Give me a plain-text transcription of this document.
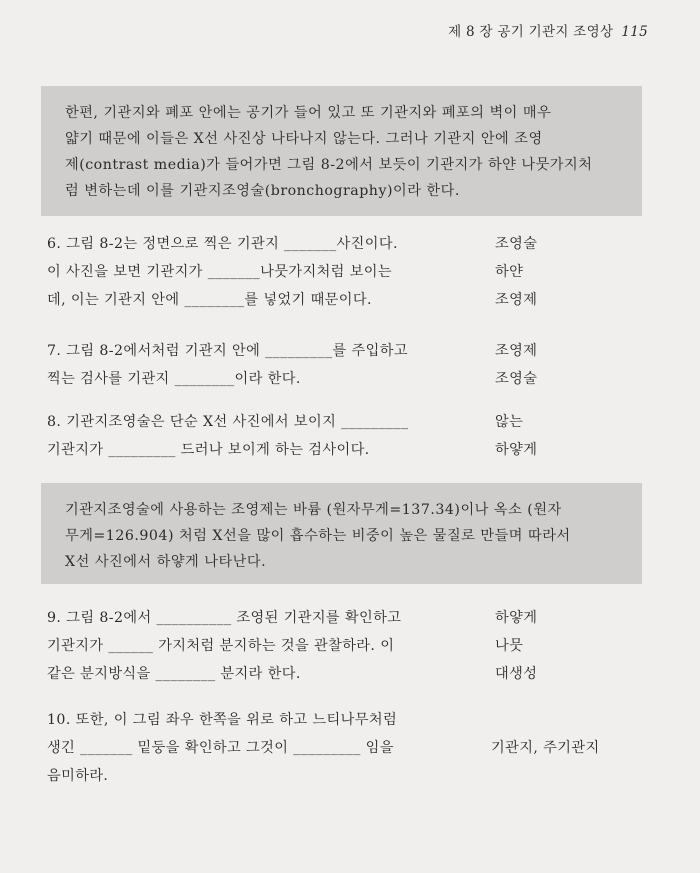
제 8 장 공기 기관지 조영상 115

한편, 기관지와 폐포 안에는 공기가 들어 있고 또 기관지와 폐포의 벽이 매우

얇기 때문에 이들은 X선 사진상 나타나지 않는다. 그러나 기관지 안에 조영

제(contrast media)가 들어가면 그림 8-2에서 보듯이 기관지가 하얀 나뭇가지처

럼 변하는데 이를 기관지조영술(bronchography)이라 한다.

6. 그림 8-2는 정면으로 찍은 기관지 _______사진이다.	조영술
이 사진을 보면 기관지가 _______나뭇가지처럼 보이는	하얀
데, 이는 기관지 안에 ________를 넣었기 때문이다.	조영제
7. 그림 8-2에서처럼 기관지 안에 _________를 주입하고	조영제
찍는 검사를 기관지 ________이라 한다.	조영술
8. 기관지조영술은 단순 X선 사진에서 보이지 _________	않는
기관지가 _________ 드러나 보이게 하는 검사이다.	하얗게

기관지조영술에 사용하는 조영제는 바륨 (원자무게=137.34)이나 옥소 (원자

무게=126.904) 처럼 X선을 많이 흡수하는 비중이 높은 물질로 만들며 따라서

X선 사진에서 하얗게 나타난다.

9. 그림 8-2에서 __________ 조영된 기관지를 확인하고	하얗게
기관지가 ______ 가지처럼 분지하는 것을 관찰하라. 이	나뭇
같은 분지방식을 ________ 분지라 한다.	대생성
10. 또한, 이 그림 좌우 한쪽을 위로 하고 느티나무처럼
생긴 _______ 밑둥을 확인하고 그것이 _________ 임을	기관지, 주기관지
음미하라.
